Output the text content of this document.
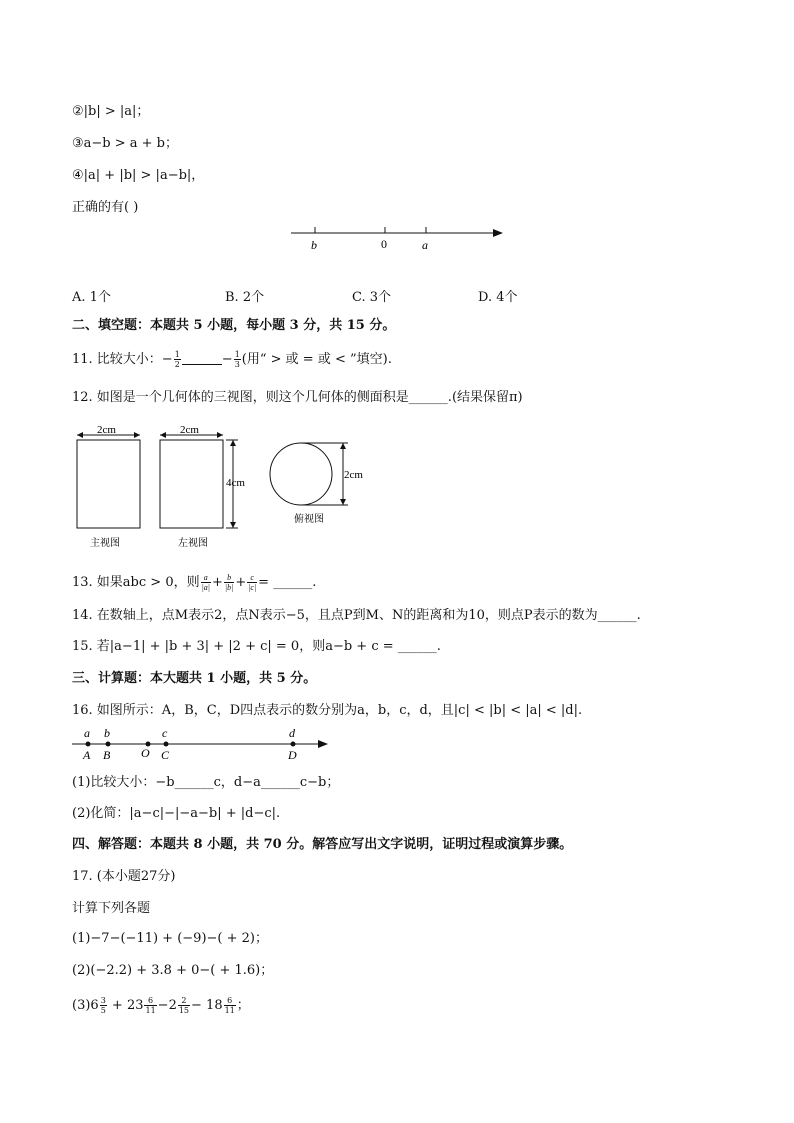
②|b| > |a|；
③a−b > a + b；
④|a| + |b| > |a−b|，
正确的有( )
b	0	a
A. 1个	B. 2个	C. 3个	D. 4个
二、填空题：本题共 5 小题，每小题 3 分，共 15 分。
11. 比较大小：− $\frac{1}{2}$	− $\frac{1}{3}$ (用“ > 或 = 或 < ”填空).
12. 如图是一个几何体的三视图，则这个几何体的侧面积是______.(结果保留π)
2cm
主视图
2cm
4cm
左视图
2cm
俯视图
13. 如果abc > 0，则 $\frac{a}{|a|} + \frac{b}{|b|} + \frac{c}{|c|}$ = ______.
14. 在数轴上，点M表示2，点N表示−5，且点P到M、N的距离和为10，则点P表示的数为______.
15. 若|a−1| + |b + 3| + |2 + c| = 0，则a−b + c = ______.
三、计算题：本大题共 1 小题，共 5 分。
16. 如图所示：A，B，C，D四点表示的数分别为a，b，c，d，且|c| < |b| < |a| < |d|.
a b	c	d
A B	O C	D
(1)比较大小：−b______c，d−a______c−b；
(2)化简：|a−c|−|−a−b| + |d−c|.
四、解答题：本题共 8 小题，共 70 分。解答应写出文字说明，证明过程或演算步骤。
17. (本小题27分)
计算下列各题
(1)−7−(−11) + (−9)−( + 2)；
(2)(−2.2) + 3.8 + 0−( + 1.6)；
$(3)6 \frac{3}{5} + 23 \frac{6}{11} -2 \frac{2}{15} - 18 \frac{6}{11}$ ；
